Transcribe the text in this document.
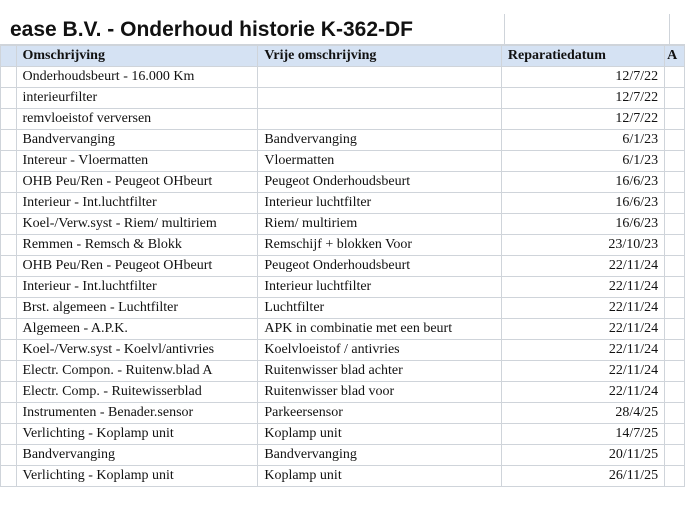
ease B.V. - Onderhoud historie K-362-DF
	Omschrijving	Vrije omschrijving	Reparatiedatum	A
	Onderhoudsbeurt - 16.000 Km		12/7/22	
	interieurfilter		12/7/22	
	remvloeistof verversen		12/7/22	
	Bandvervanging	Bandvervanging	6/1/23	
	Intereur - Vloermatten	Vloermatten	6/1/23	
	OHB Peu/Ren - Peugeot OHbeurt	Peugeot Onderhoudsbeurt	16/6/23	
	Interieur - Int.luchtfilter	Interieur luchtfilter	16/6/23	
	Koel-/Verw.syst - Riem/ multiriem	Riem/ multiriem	16/6/23	
	Remmen - Remsch & Blokk	Remschijf + blokken Voor	23/10/23	
	OHB Peu/Ren - Peugeot OHbeurt	Peugeot Onderhoudsbeurt	22/11/24	
	Interieur - Int.luchtfilter	Interieur luchtfilter	22/11/24	
	Brst. algemeen - Luchtfilter	Luchtfilter	22/11/24	
	Algemeen - A.P.K.	APK in combinatie met een beurt	22/11/24	
	Koel-/Verw.syst - Koelvl/antivries	Koelvloeistof / antivries	22/11/24	
	Electr. Compon. - Ruitenw.blad A	Ruitenwisser blad achter	22/11/24	
	Electr. Comp. - Ruitewisserblad	Ruitenwisser blad voor	22/11/24	
	Instrumenten - Benader.sensor	Parkeersensor	28/4/25	
	Verlichting - Koplamp unit	Koplamp unit	14/7/25	
	Bandvervanging	Bandvervanging	20/11/25	
	Verlichting - Koplamp unit	Koplamp unit	26/11/25	
